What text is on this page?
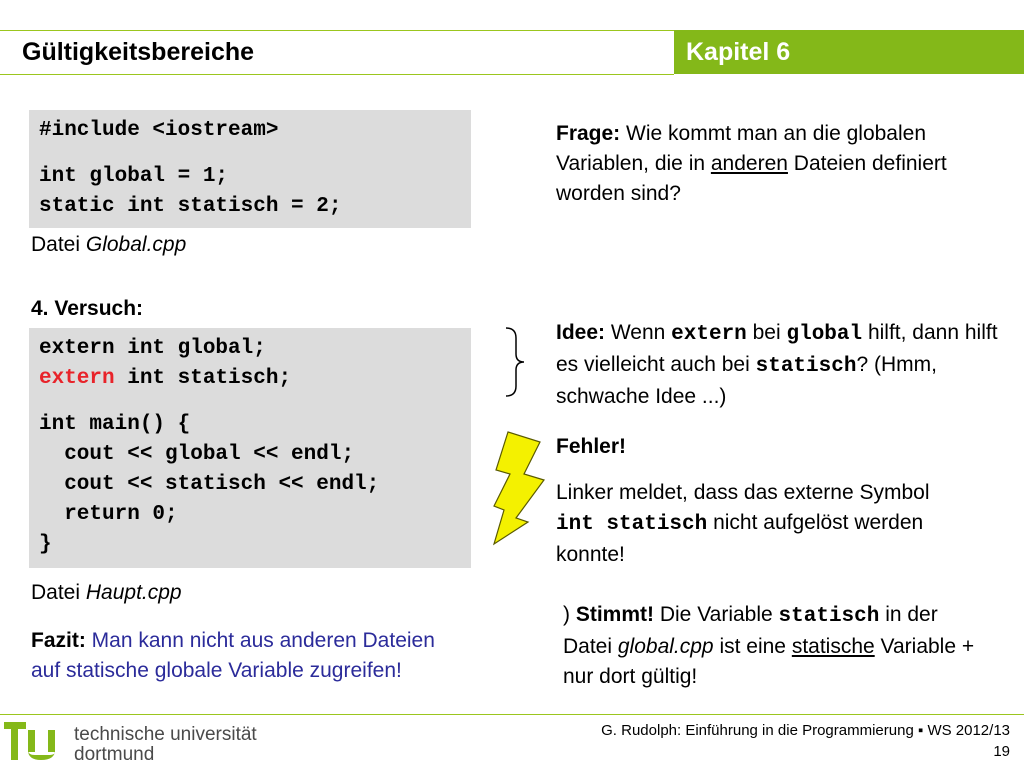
Gültigkeitsbereiche	Kapitel 6
#include <iostream>
int global = 1;
static int statisch = 2;
Datei Global.cpp
4. Versuch:
extern int global;
extern int statisch;
int main() {
cout << global << endl;
cout << statisch << endl;
return 0;
}
Datei Haupt.cpp
Fazit: Man kann nicht aus anderen Dateien auf statische globale Variable zugreifen!
Frage: Wie kommt man an die globalen Variablen, die in anderen Dateien definiert worden sind?
Idee: Wenn extern bei global hilft, dann hilft es vielleicht auch bei statisch? (Hmm, schwache Idee ...)
Fehler!
Linker meldet, dass das externe Symbol int statisch nicht aufgelöst werden konnte!
) Stimmt! Die Variable statisch in der Datei global.cpp ist eine statische Variable + nur dort gültig!
technische universität
dortmund
G. Rudolph: Einführung in die Programmierung ▪ WS 2012/13
19
